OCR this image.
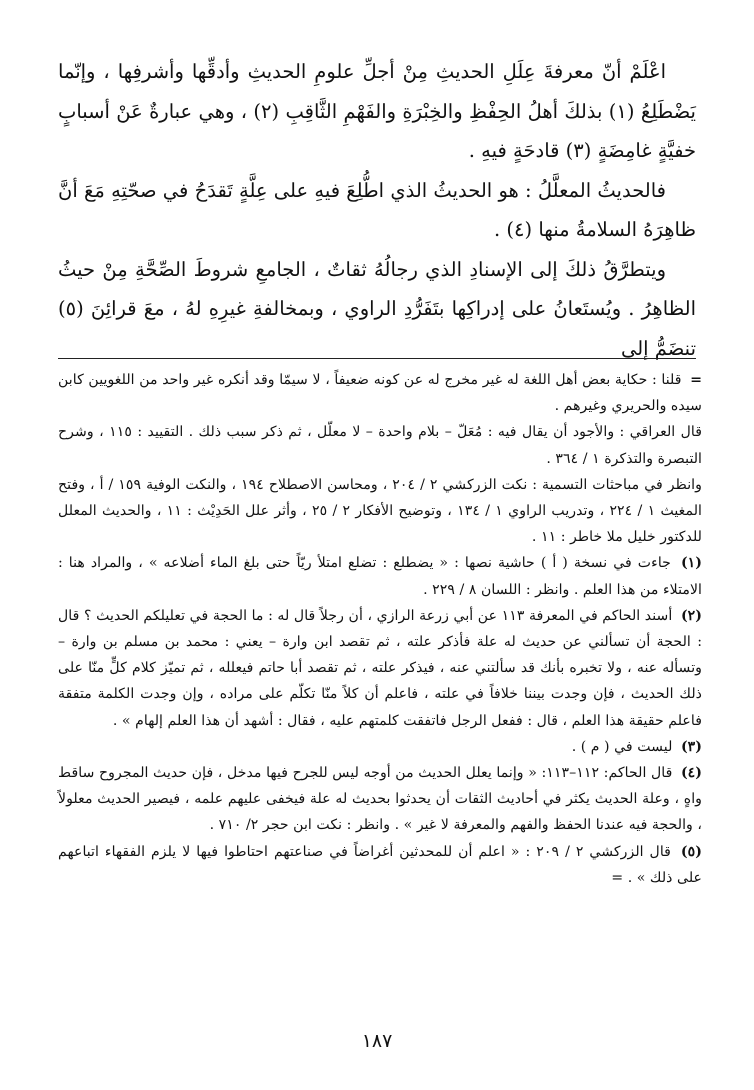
اعْلَمْ أنّ معرفةَ عِلَلِ الحديثِ مِنْ أجلِّ علومِ الحديثِ وأدقِّها وأشرفِها ، وإنّما يَضْطَلِعُ (١) بذلكَ أهلُ الحِفْظِ والخِبْرَةِ والفَهْمِ الثَّاقِبِ (٢) ، وهي عبارةٌ عَنْ أسبابٍ خفيَّةٍ غامِضَةٍ (٣) قادحَةٍ فيهِ .

فالحديثُ المعلَّلُ : هو الحديثُ الذي اطُّلِعَ فيهِ على عِلَّةٍ تَقدَحُ في صحّتِهِ مَعَ أنَّ ظاهِرَهُ السلامةُ منها (٤) .

ويتطرَّقُ ذلكَ إلى الإسنادِ الذي رجالُهُ ثقاتٌ ، الجامعِ شروطَ الصِّحَّةِ مِنْ حيثُ الظاهِرُ . ويُستَعانُ على إدراكِها بتَفَرُّدِ الراوي ، وبمخالفةِ غيرِهِ لهُ ، معَ قرائِنَ (٥) تنضَمُّ إلى

= قلنا : حكاية بعض أهل اللغة له غير مخرج له عن كونه ضعيفاً ، لا سيمّا وقد أنكره غير واحد من اللغويين كابن سيده والحريري وغيرهم .

قال العراقي : والأجود أن يقال فيه : مُعَلّ – بلام واحدة – لا معلّل ، ثم ذكر سبب ذلك . التقييد : ١١٥ ، وشرح التبصرة والتذكرة ١ / ٣٦٤ .

وانظر في مباحثات التسمية : نكت الزركشي ٢ / ٢٠٤ ، ومحاسن الاصطلاح ١٩٤ ، والنكت الوفية ١٥٩ / أ ، وفتح المغيث ١ / ٢٢٤ ، وتدريب الراوي ١ / ١٣٤ ، وتوضيح الأفكار ٢ / ٢٥ ، وأثر علل الحَدِيْث : ١١ ، والحديث المعلل للدكتور خليل ملا خاطر : ١١ .

(١) جاءت في نسخة ( أ ) حاشية نصها : « يضطلع : تضلع امتلأ ريّاً حتى بلغ الماء أضلاعه » ، والمراد هنا : الامتلاء من هذا العلم . وانظر : اللسان ٨ / ٢٢٩ .

(٢) أسند الحاكم في المعرفة ١١٣ عن أبي زرعة الرازي ، أن رجلاً قال له : ما الحجة في تعليلكم الحديث ؟ قال : الحجة أن تسألني عن حديث له علة فأذكر علته ، ثم تقصد ابن وارة – يعني : محمد بن مسلم بن وارة – وتسأله عنه ، ولا تخبره بأنك قد سألتني عنه ، فيذكر علته ، ثم تقصد أبا حاتم فيعلله ، ثم تميّز كلام كلٍّ منّا على ذلك الحديث ، فإن وجدت بيننا خلافاً في علته ، فاعلم أن كلاً منّا تكلّم على مراده ، وإن وجدت الكلمة متفقة فاعلم حقيقة هذا العلم ، قال : ففعل الرجل فاتفقت كلمتهم عليه ، فقال : أشهد أن هذا العلم إلهام » .

(٣) ليست في ( م ) .

(٤) قال الحاكم: ١١٢–١١٣: « وإنما يعلل الحديث من أوجه ليس للجرح فيها مدخل ، فإن حديث المجروح ساقط واهٍ ، وعلة الحديث يكثر في أحاديث الثقات أن يحدثوا بحديث له علة فيخفى عليهم علمه ، فيصير الحديث معلولاً ، والحجة فيه عندنا الحفظ والفهم والمعرفة لا غير » . وانظر : نكت ابن حجر ٢/ ٧١٠ .

(٥) قال الزركشي ٢ / ٢٠٩ : « اعلم أن للمحدثين أغراضاً في صناعتهم احتاطوا فيها لا يلزم الفقهاء اتباعهم على ذلك » . =

١٨٧
